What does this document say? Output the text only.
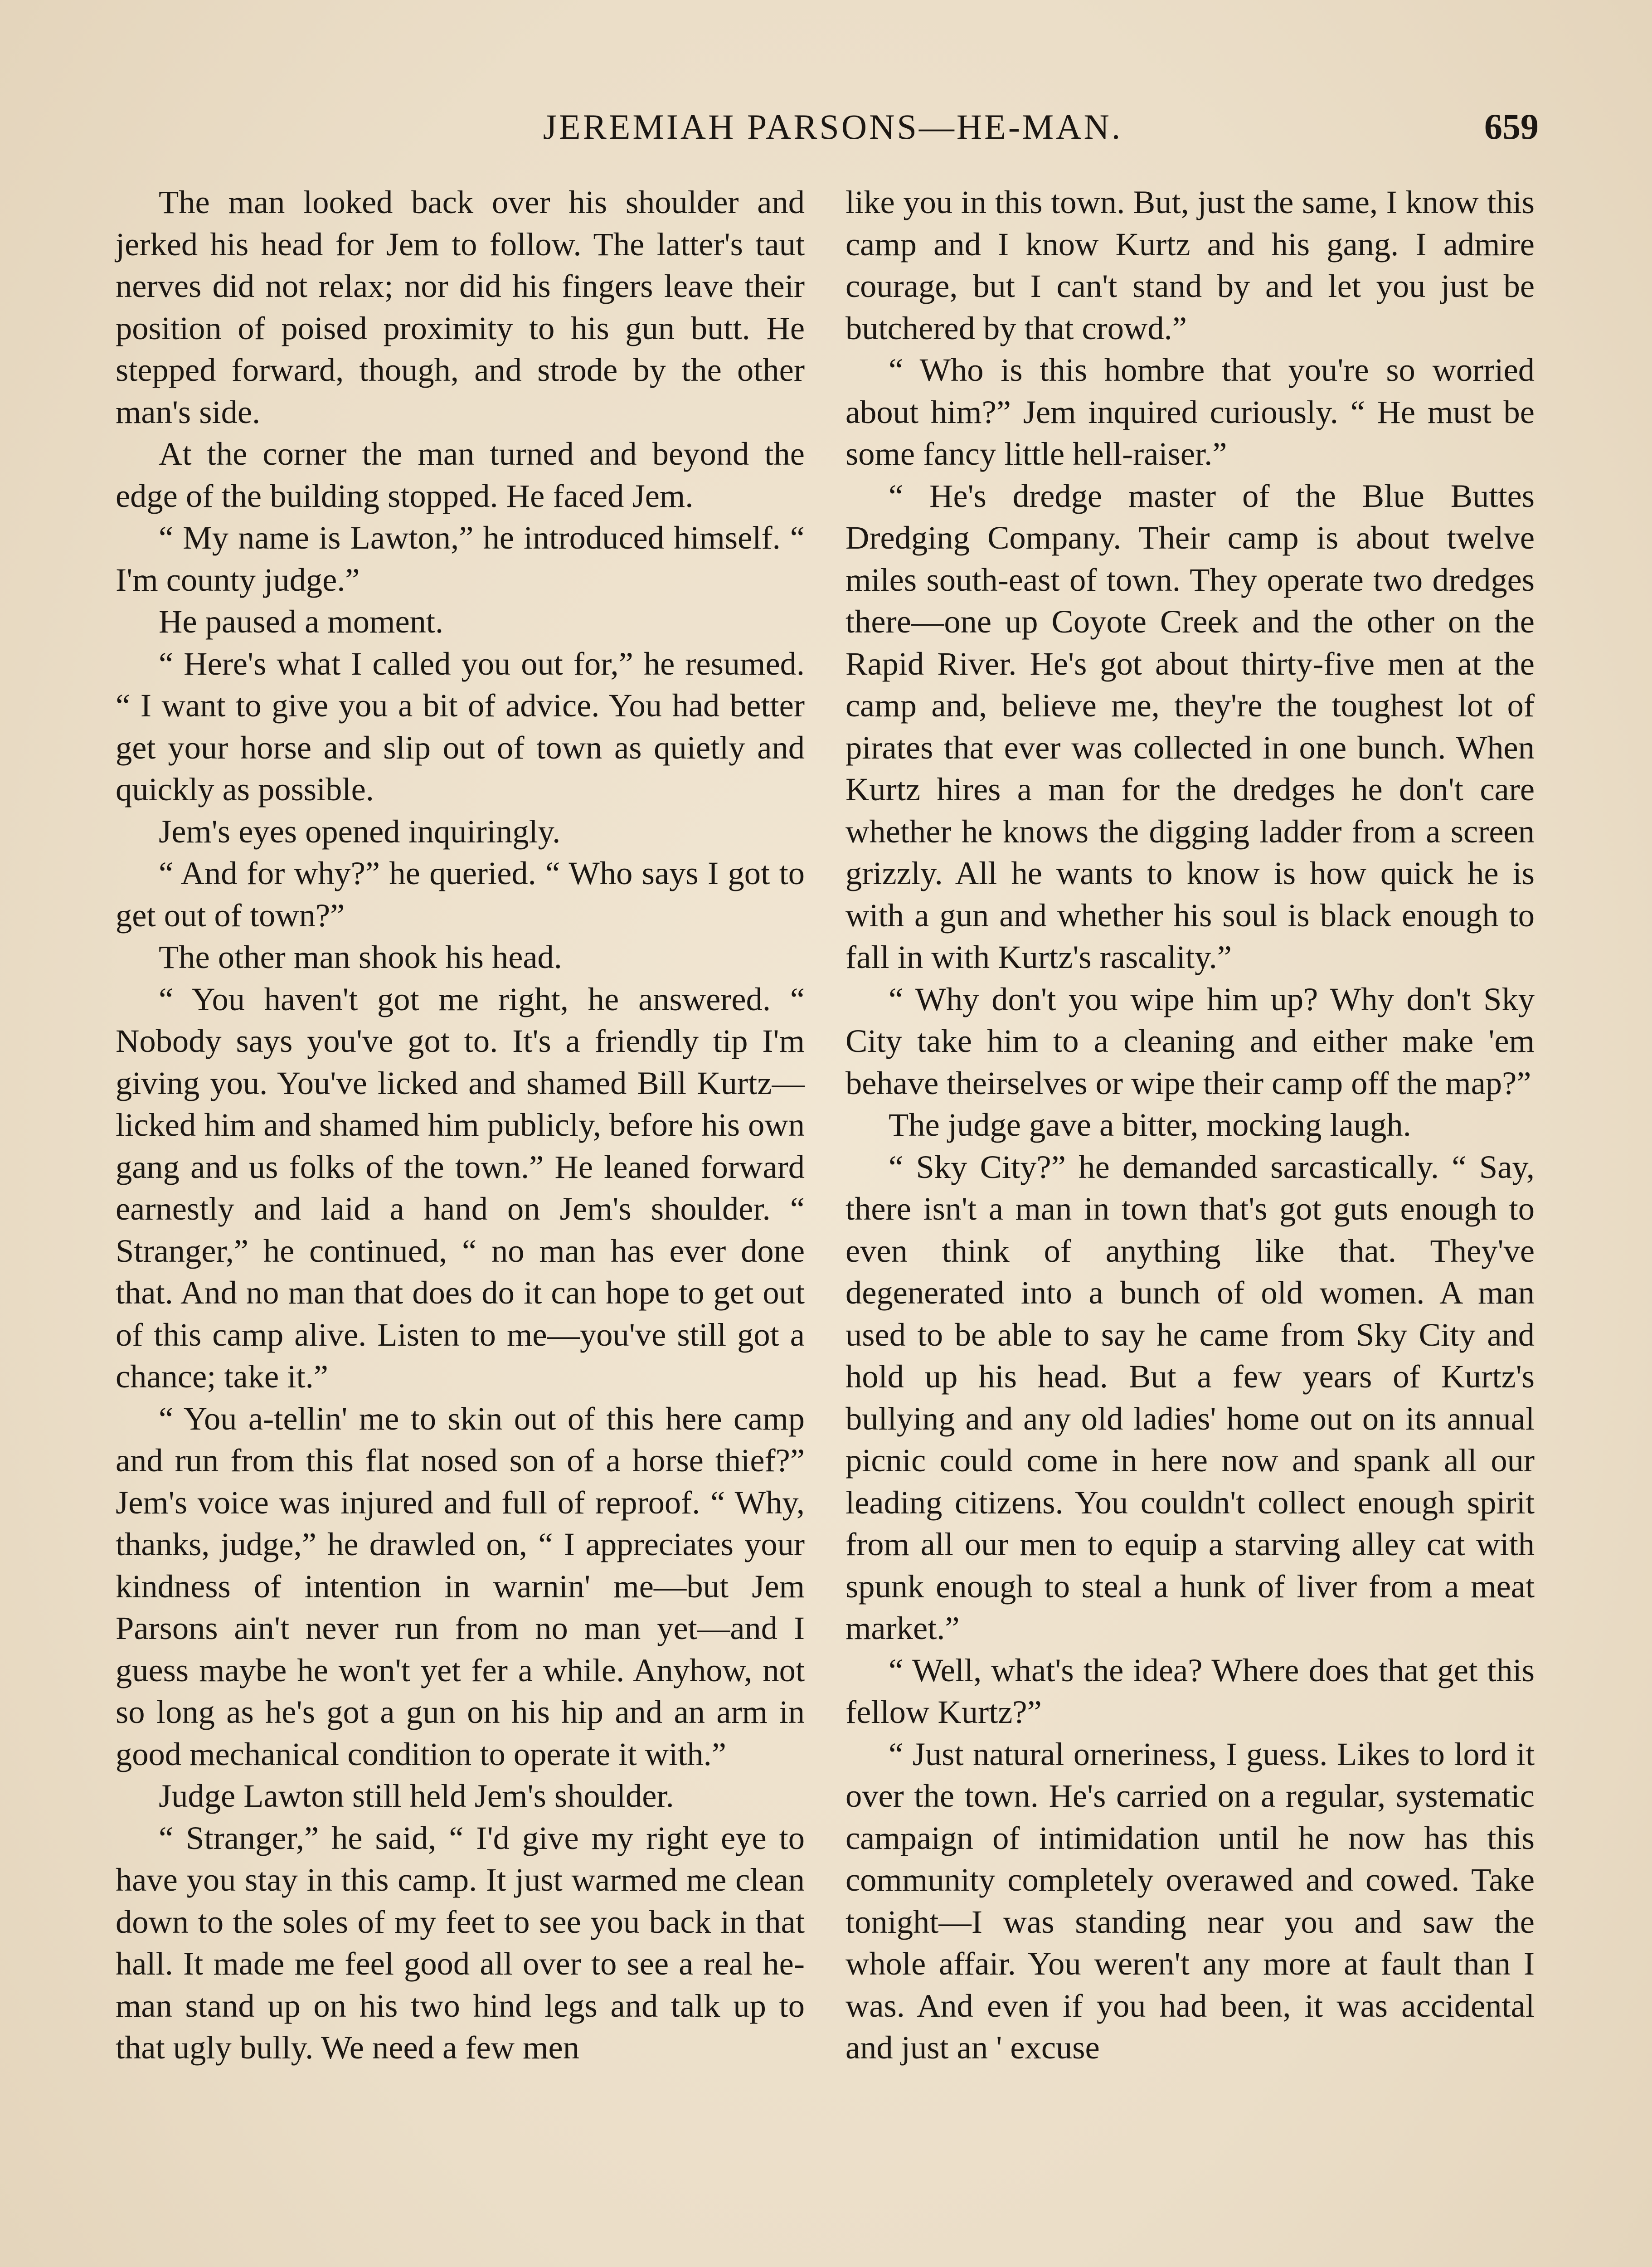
JEREMIAH PARSONS—HE-MAN.	659

The man looked back over his shoulder and jerked his head for Jem to follow. The latter's taut nerves did not relax; nor did his fingers leave their position of poised proximity to his gun butt. He stepped forward, though, and strode by the other man's side.

At the corner the man turned and beyond the edge of the building stopped. He faced Jem.

“ My name is Lawton,” he introduced himself. “ I'm county judge.”

He paused a moment.

“ Here's what I called you out for,” he resumed. “ I want to give you a bit of advice. You had better get your horse and slip out of town as quietly and quickly as possible.

Jem's eyes opened inquiringly.

“ And for why?” he queried. “ Who says I got to get out of town?”

The other man shook his head.

“ You haven't got me right, he answered. “ Nobody says you've got to. It's a friendly tip I'm giving you. You've licked and shamed Bill Kurtz—licked him and shamed him publicly, before his own gang and us folks of the town.” He leaned forward earnestly and laid a hand on Jem's shoulder. “ Stranger,” he continued, “ no man has ever done that. And no man that does do it can hope to get out of this camp alive. Listen to me—you've still got a chance; take it.”

“ You a-tellin' me to skin out of this here camp and run from this flat nosed son of a horse thief?” Jem's voice was injured and full of reproof. “ Why, thanks, judge,” he drawled on, “ I appreciates your kindness of intention in warnin' me—but Jem Parsons ain't never run from no man yet—and I guess maybe he won't yet fer a while. Anyhow, not so long as he's got a gun on his hip and an arm in good mechanical condition to operate it with.”

Judge Lawton still held Jem's shoulder.

“ Stranger,” he said, “ I'd give my right eye to have you stay in this camp. It just warmed me clean down to the soles of my feet to see you back in that hall. It made me feel good all over to see a real he-man stand up on his two hind legs and talk up to that ugly bully. We need a few men

like you in this town. But, just the same, I know this camp and I know Kurtz and his gang. I admire courage, but I can't stand by and let you just be butchered by that crowd.”

“ Who is this hombre that you're so worried about him?” Jem inquired curiously. “ He must be some fancy little hell-raiser.”

“ He's dredge master of the Blue Buttes Dredging Company. Their camp is about twelve miles south-east of town. They operate two dredges there—one up Coyote Creek and the other on the Rapid River. He's got about thirty-five men at the camp and, believe me, they're the toughest lot of pirates that ever was collected in one bunch. When Kurtz hires a man for the dredges he don't care whether he knows the digging ladder from a screen grizzly. All he wants to know is how quick he is with a gun and whether his soul is black enough to fall in with Kurtz's rascality.”

“ Why don't you wipe him up? Why don't Sky City take him to a cleaning and either make 'em behave theirselves or wipe their camp off the map?”

The judge gave a bitter, mocking laugh.

“ Sky City?” he demanded sarcastically. “ Say, there isn't a man in town that's got guts enough to even think of anything like that. They've degenerated into a bunch of old women. A man used to be able to say he came from Sky City and hold up his head. But a few years of Kurtz's bullying and any old ladies' home out on its annual picnic could come in here now and spank all our leading citizens. You couldn't collect enough spirit from all our men to equip a starving alley cat with spunk enough to steal a hunk of liver from a meat market.”

“ Well, what's the idea? Where does that get this fellow Kurtz?”

“ Just natural orneriness, I guess. Likes to lord it over the town. He's carried on a regular, systematic campaign of intimidation until he now has this community completely overawed and cowed. Take tonight—I was standing near you and saw the whole affair. You weren't any more at fault than I was. And even if you had been, it was accidental and just an ' excuse
